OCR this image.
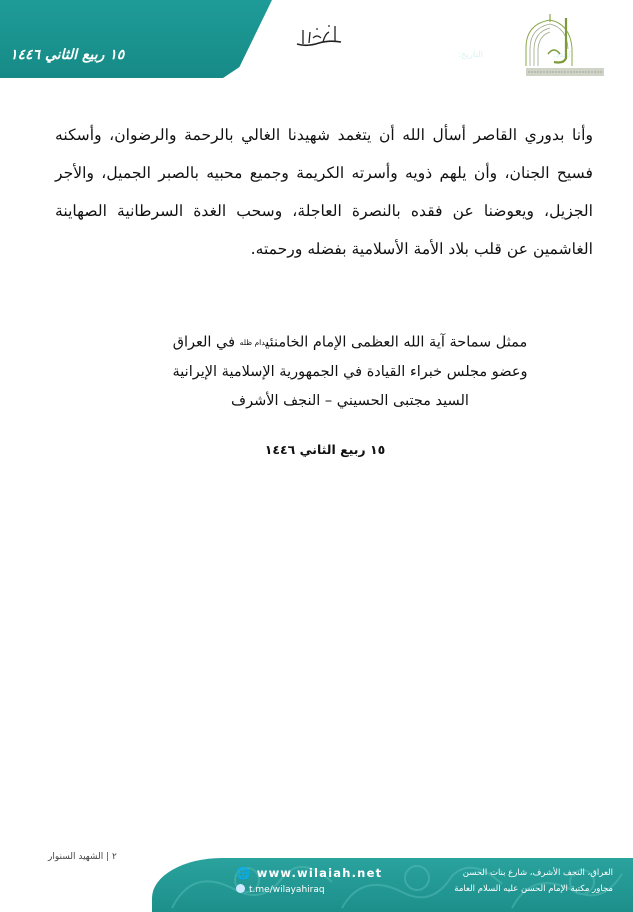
مكتب ممثل الإمام الخامنئي دام ظله في العراق
العدد:
التاريخ:
١٥ ربيع الثاني ١٤٤٦
وأنا بدوري القاصر أسأل الله أن يتغمد شهيدنا الغالي بالرحمة والرضوان، وأسكنه فسيح الجنان، وأن يلهم ذويه وأسرته الكريمة وجميع محبيه بالصبر الجميل، والأجر الجزيل، ويعوضنا عن فقده بالنصرة العاجلة، وسحب الغدة السرطانية الصهاينة الغاشمين عن قلب بلاد الأمة الأسلامية بفضله ورحمته.
ممثل سماحة آية الله العظمى الإمام الخامنئيدام ظله في العراق
وعضو مجلس خبراء القيادة في الجمهورية الإسلامية الإيرانية
السيد مجتبى الحسيني – النجف الأشرف
١٥ ربيع الثاني ١٤٤٦
٢ | الشهيد السنوار
🌐 www.wilaiah.net
t.me/wilayahiraq
العراق، النجف الأشرف، شارع بنات الحسن
مجاور مكتبة الإمام الحسن عليه السلام العامة
